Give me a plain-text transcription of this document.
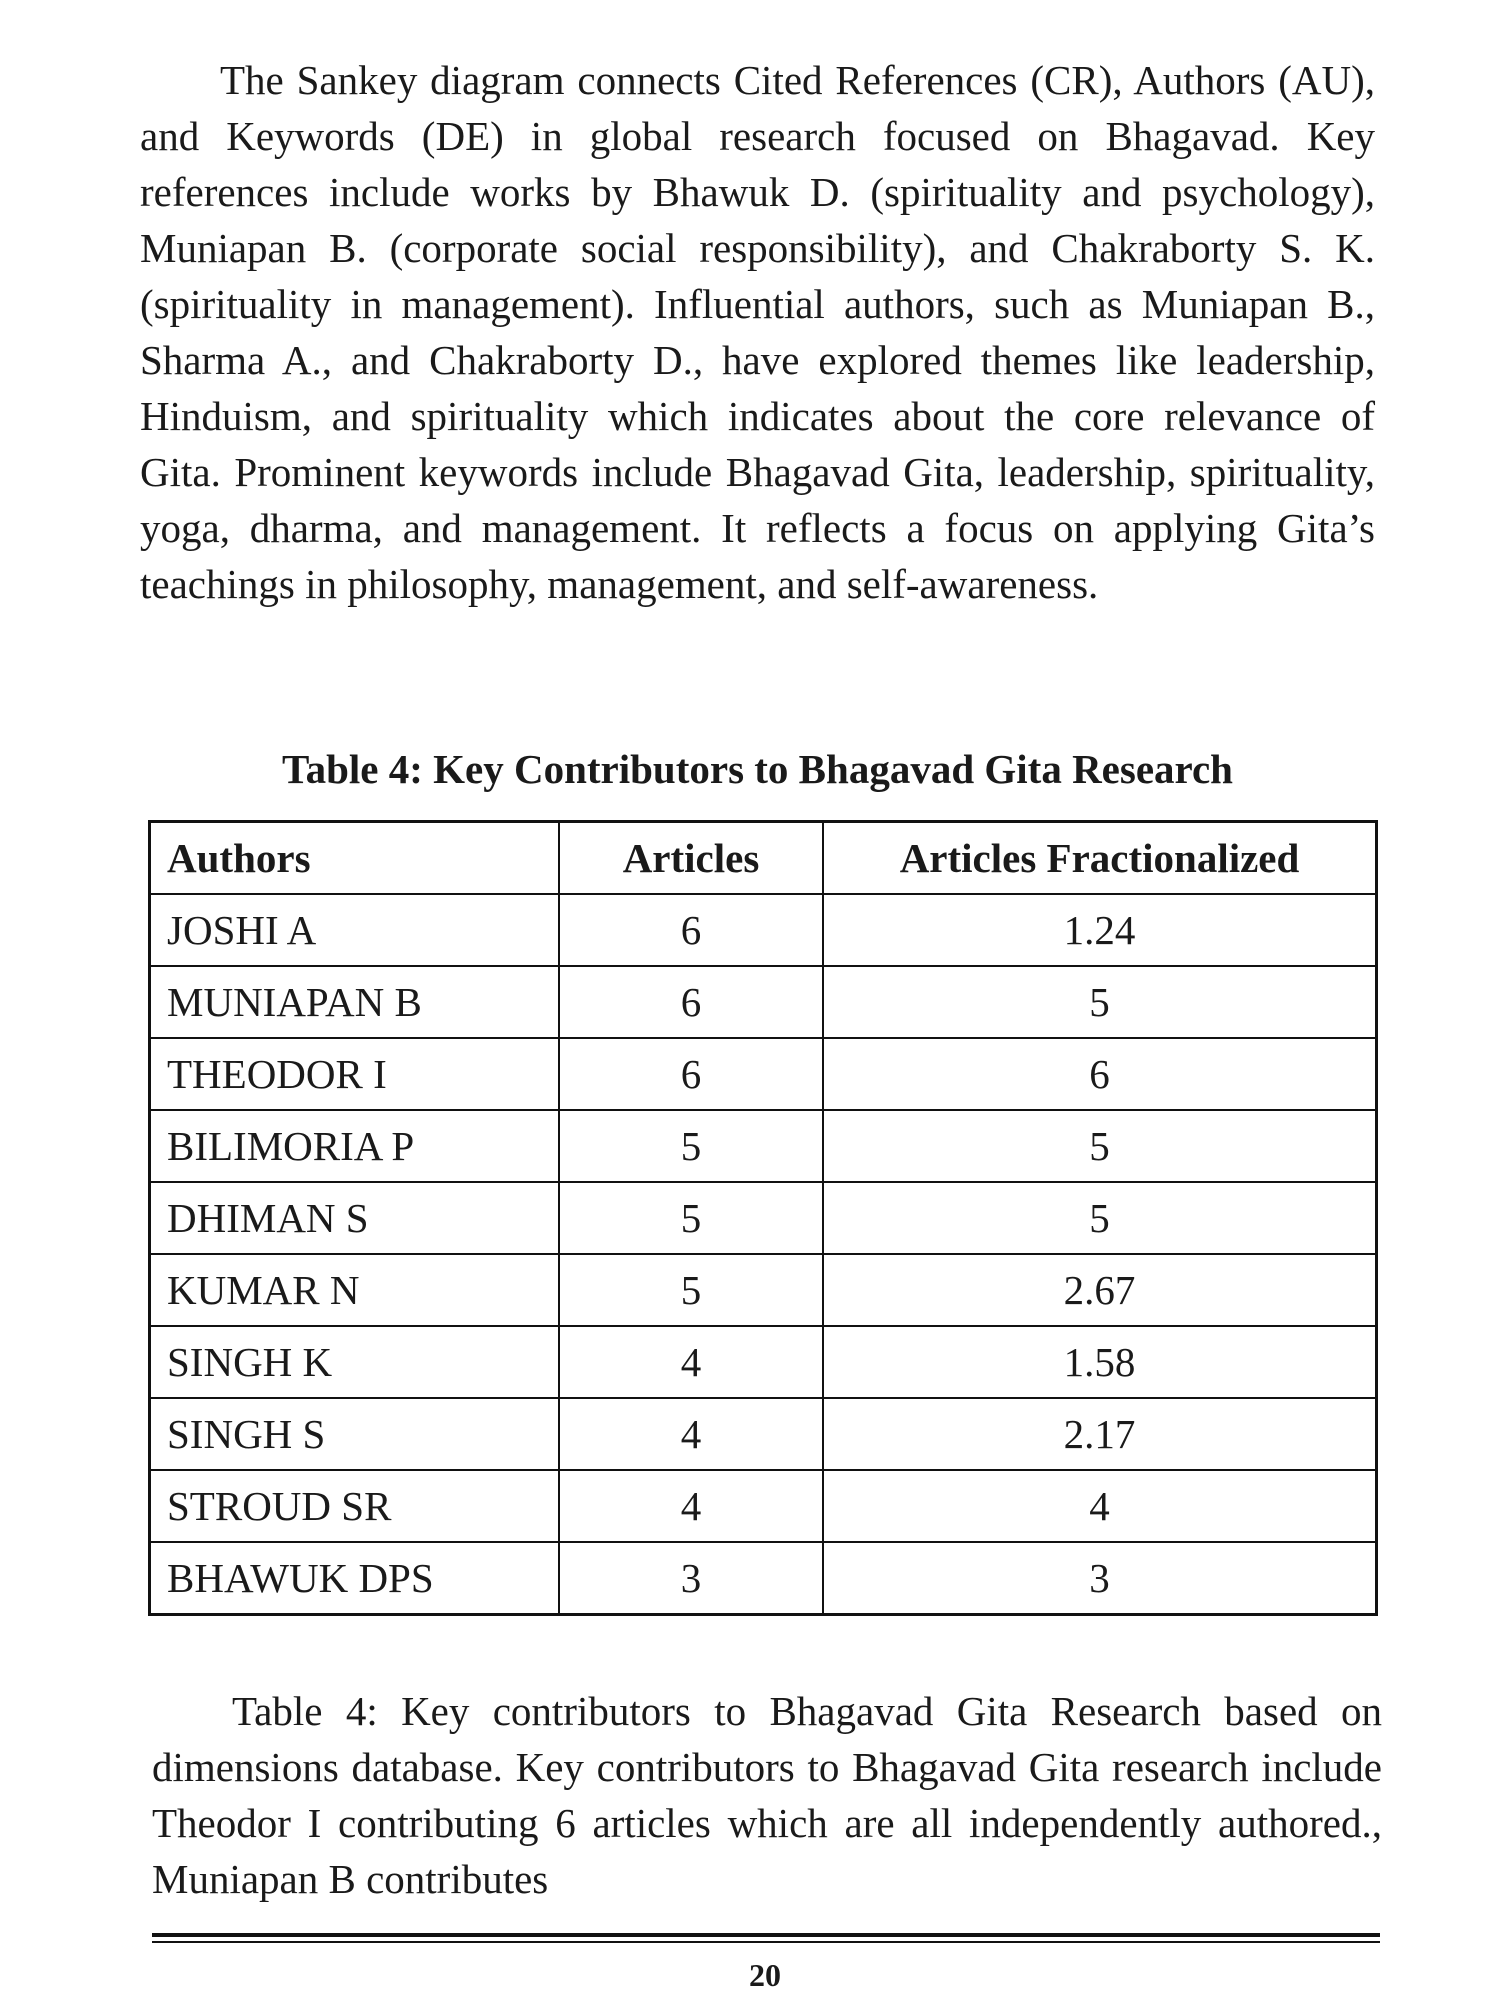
The Sankey diagram connects Cited References (CR), Authors (AU), and Keywords (DE) in global research focused on Bhagavad. Key references include works by Bhawuk D. (spirituality and psychology), Muniapan B. (corporate social responsibility), and Chakraborty S. K. (spirituality in management). Influential authors, such as Muniapan B., Sharma A., and Chakraborty D., have explored themes like leadership, Hinduism, and spirituality which indicates about the core relevance of Gita. Prominent keywords include Bhagavad Gita, leadership, spirituality, yoga, dharma, and management. It reflects a focus on applying Gita’s teachings in philosophy, management, and self-awareness.

Table 4: Key Contributors to Bhagavad Gita Research
Authors	Articles	Articles Fractionalized
JOSHI A	6	1.24
MUNIAPAN B	6	5
THEODOR I	6	6
BILIMORIA P	5	5
DHIMAN S	5	5
KUMAR N	5	2.67
SINGH K	4	1.58
SINGH S	4	2.17
STROUD SR	4	4
BHAWUK DPS	3	3

Table 4: Key contributors to Bhagavad Gita Research based on dimensions database. Key contributors to Bhagavad Gita research include Theodor I contributing 6 articles which are all independently authored., Muniapan B contributes

20
